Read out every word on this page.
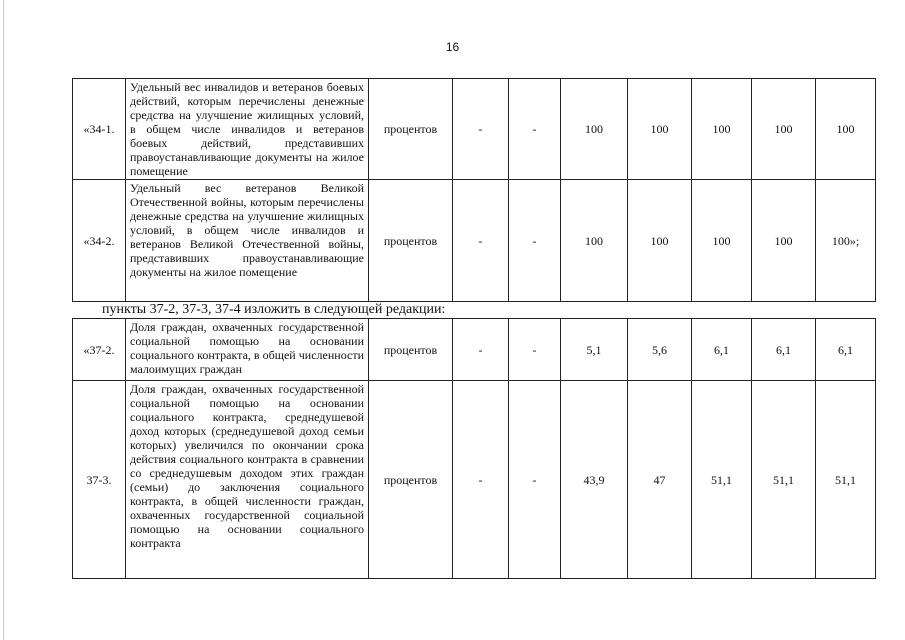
16
«34-1.	Удельный вес инвалидов и ветеранов боевых действий, которым перечислены денежные средства на улучшение жилищных условий, в общем числе инвалидов и ветеранов боевых действий, представивших правоустанавливающие документы на жилое помещение	процентов	-	-	100	100	100	100	100
«34-2.	Удельный вес ветеранов Великой Отечественной войны, которым перечислены денежные средства на улучшение жилищных условий, в общем числе инвалидов и ветеранов Великой Отечественной войны, представивших правоустанавливающие документы на жилое помещение	процентов	-	-	100	100	100	100	100»;
пункты 37-2, 37-3, 37-4 изложить в следующей редакции:
«37-2.	Доля граждан, охваченных государственной социальной помощью на основании социального контракта, в общей численности малоимущих граждан	процентов	-	-	5,1	5,6	6,1	6,1	6,1
37-3.	Доля граждан, охваченных государственной социальной помощью на основании социального контракта, среднедушевой доход которых (среднедушевой доход семьи которых) увеличился по окончании срока действия социального контракта в сравнении со среднедушевым доходом этих граждан (семьи) до заключения социального контракта, в общей численности граждан, охваченных государственной социальной помощью на основании социального контракта	процентов	-	-	43,9	47	51,1	51,1	51,1
